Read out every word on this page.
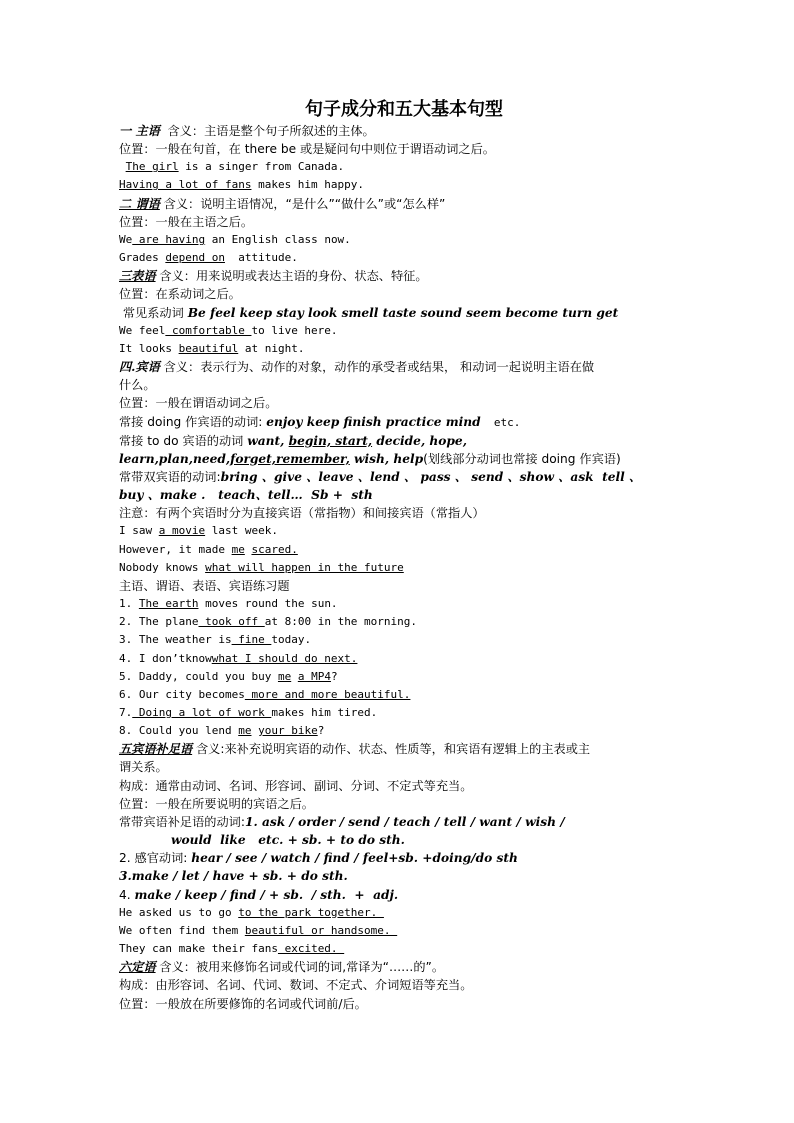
句子成分和五大基本句型
一 主语  含义：主语是整个句子所叙述的主体。
位置：一般在句首，在 there be 或是疑问句中则位于谓语动词之后。
The girl is a singer from Canada.
Having a lot of fans makes him happy.
二 谓语 含义：说明主语情况，“是什么”“做什么”或“怎么样”
位置：一般在主语之后。
We are having an English class now.
Grades depend on  attitude.
三表语 含义：用来说明或表达主语的身份、状态、特征。
位置：在系动词之后。
常见系动词 Be feel keep stay look smell taste sound seem become turn get
We feel comfortable to live here.
It looks beautiful at night.
四.宾语 含义：表示行为、动作的对象，动作的承受者或结果， 和动词一起说明主语在做
什么。
位置：一般在谓语动词之后。
常接 doing 作宾语的动词: enjoy keep finish practice mind  etc.
常接 to do 宾语的动词 want, begin, start, decide, hope,
learn,plan,need,forget,remember, wish, help(划线部分动词也常接 doing 作宾语)
常带双宾语的动词:bring 、give 、leave 、lend 、 pass 、 send 、show 、ask  tell 、
buy 、make .   teach、tell…  Sb +  sth
注意：有两个宾语时分为直接宾语（常指物）和间接宾语（常指人）
I saw a movie last week.
However, it made me scared.
Nobody knows what will happen in the future
主语、谓语、表语、宾语练习题
1. The earth moves round the sun.
2. The plane took off at 8:00 in the morning.
3. The weather is fine today.
4. I don’tknowwhat I should do next.
5. Daddy, could you buy me a MP4?
6. Our city becomes more and more beautiful.
7. Doing a lot of work makes him tired.
8. Could you lend me your bike?
五宾语补足语 含义:来补充说明宾语的动作、状态、性质等，和宾语有逻辑上的主表或主
谓关系。
构成：通常由动词、名词、形容词、副词、分词、不定式等充当。
位置：一般在所要说明的宾语之后。
常带宾语补足语的动词:1. ask / order / send / teach / tell / want / wish /
would  like   etc. + sb. + to do sth.
2. 感官动词: hear / see / watch / find / feel+sb. +doing/do sth
3.make / let / have + sb. + do sth.
4. make / keep / find / + sb.  / sth.  +  adj.
He asked us to go to the park together.
We often find them beautiful or handsome.
They can make their fans excited.
六定语 含义：被用来修饰名词或代词的词,常译为“……的”。
构成：由形容词、名词、代词、数词、不定式、介词短语等充当。
位置：一般放在所要修饰的名词或代词前/后。
